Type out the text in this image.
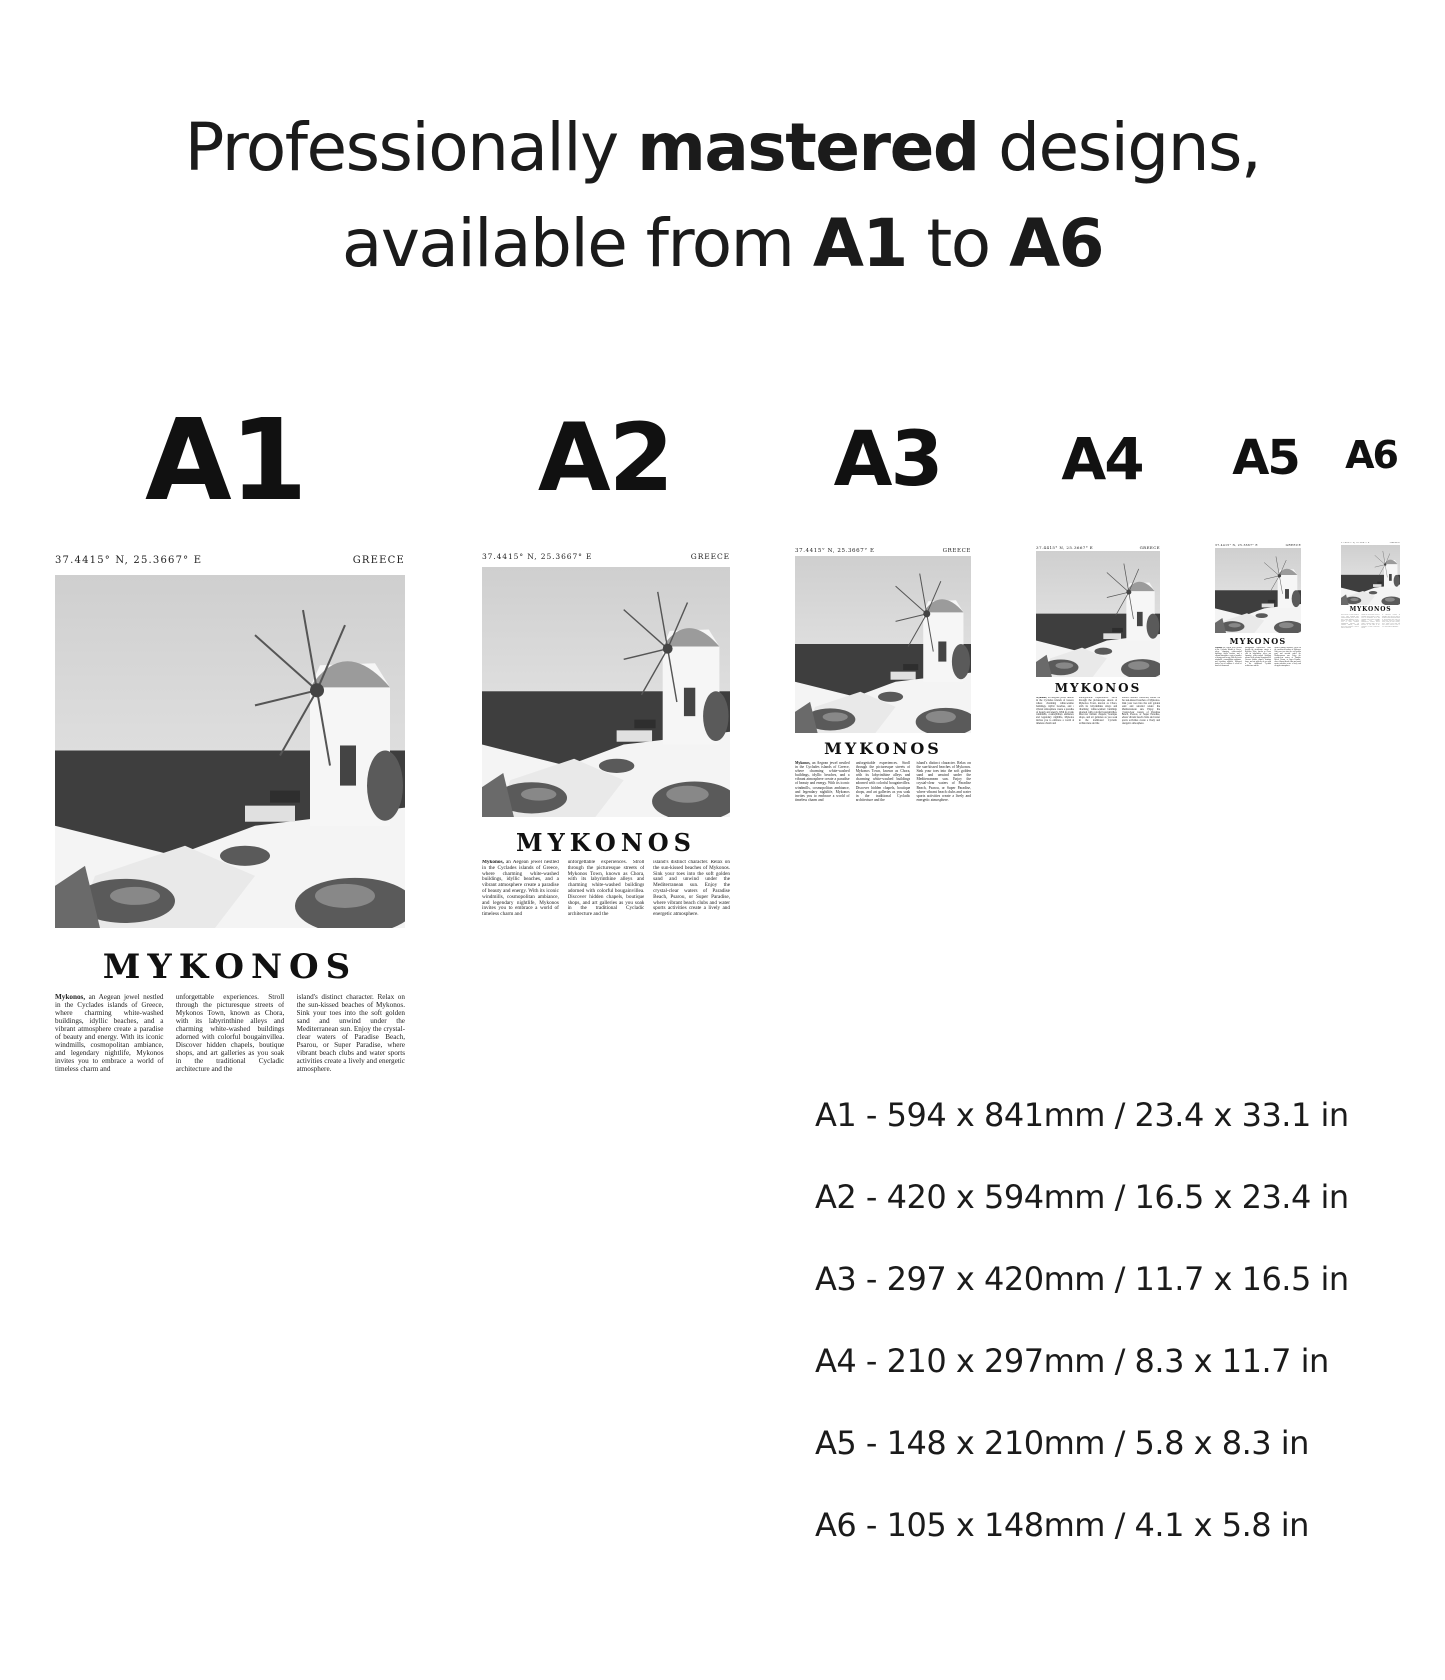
Professionally mastered designs,
available from A1 to A6
A1 A2 A3 A4 A5 A6
37.4415° N, 25.3667° E	GREECE
MYKONOS

Mykonos, an Aegean jewel nestled in the Cyclades islands of Greece, where charming white-washed buildings, idyllic beaches, and a vibrant atmosphere create a paradise of beauty and energy. With its iconic windmills, cosmopolitan ambiance, and legendary nightlife, Mykonos invites you to embrace a world of timeless charm and

unforgettable experiences. Stroll through the picturesque streets of Mykonos Town, known as Chora, with its labyrinthine alleys and charming white-washed buildings adorned with colorful bougainvillea. Discover hidden chapels, boutique shops, and art galleries as you soak in the traditional Cycladic architecture and the

island's distinct character. Relax on the sun-kissed beaches of Mykonos. Sink your toes into the soft golden sand and unwind under the Mediterranean sun. Enjoy the crystal-clear waters of Paradise Beach, Psarou, or Super Paradise, where vibrant beach clubs and water sports activities create a lively and energetic atmosphere.

37.4415° N, 25.3667° E	GREECE
MYKONOS

Mykonos, an Aegean jewel nestled in the Cyclades islands of Greece, where charming white-washed buildings, idyllic beaches, and a vibrant atmosphere create a paradise of beauty and energy. With its iconic windmills, cosmopolitan ambiance, and legendary nightlife, Mykonos invites you to embrace a world of timeless charm and

unforgettable experiences. Stroll through the picturesque streets of Mykonos Town, known as Chora, with its labyrinthine alleys and charming white-washed buildings adorned with colorful bougainvillea. Discover hidden chapels, boutique shops, and art galleries as you soak in the traditional Cycladic architecture and the

island's distinct character. Relax on the sun-kissed beaches of Mykonos. Sink your toes into the soft golden sand and unwind under the Mediterranean sun. Enjoy the crystal-clear waters of Paradise Beach, Psarou, or Super Paradise, where vibrant beach clubs and water sports activities create a lively and energetic atmosphere.

37.4415° N, 25.3667° E	GREECE
MYKONOS

Mykonos, an Aegean jewel nestled in the Cyclades islands of Greece, where charming white-washed buildings, idyllic beaches, and a vibrant atmosphere create a paradise of beauty and energy. With its iconic windmills, cosmopolitan ambiance, and legendary nightlife, Mykonos invites you to embrace a world of timeless charm and

unforgettable experiences. Stroll through the picturesque streets of Mykonos Town, known as Chora, with its labyrinthine alleys and charming white-washed buildings adorned with colorful bougainvillea. Discover hidden chapels, boutique shops, and art galleries as you soak in the traditional Cycladic architecture and the

island's distinct character. Relax on the sun-kissed beaches of Mykonos. Sink your toes into the soft golden sand and unwind under the Mediterranean sun. Enjoy the crystal-clear waters of Paradise Beach, Psarou, or Super Paradise, where vibrant beach clubs and water sports activities create a lively and energetic atmosphere.

37.4415° N, 25.3667° E	GREECE
MYKONOS

Mykonos, an Aegean jewel nestled in the Cyclades islands of Greece, where charming white-washed buildings, idyllic beaches, and a vibrant atmosphere create a paradise of beauty and energy. With its iconic windmills, cosmopolitan ambiance, and legendary nightlife, Mykonos invites you to embrace a world of timeless charm and

unforgettable experiences. Stroll through the picturesque streets of Mykonos Town, known as Chora, with its labyrinthine alleys and charming white-washed buildings adorned with colorful bougainvillea. Discover hidden chapels, boutique shops, and art galleries as you soak in the traditional Cycladic architecture and the

island's distinct character. Relax on the sun-kissed beaches of Mykonos. Sink your toes into the soft golden sand and unwind under the Mediterranean sun. Enjoy the crystal-clear waters of Paradise Beach, Psarou, or Super Paradise, where vibrant beach clubs and water sports activities create a lively and energetic atmosphere.

37.4415° N, 25.3667° E	GREECE
MYKONOS

Mykonos, an Aegean jewel nestled in the Cyclades islands of Greece, where charming white-washed buildings, idyllic beaches, and a vibrant atmosphere create a paradise of beauty and energy. With its iconic windmills, cosmopolitan ambiance, and legendary nightlife, Mykonos invites you to embrace a world of timeless charm and

unforgettable experiences. Stroll through the picturesque streets of Mykonos Town, known as Chora, with its labyrinthine alleys and charming white-washed buildings adorned with colorful bougainvillea. Discover hidden chapels, boutique shops, and art galleries as you soak in the traditional Cycladic architecture and the

island's distinct character. Relax on the sun-kissed beaches of Mykonos. Sink your toes into the soft golden sand and unwind under the Mediterranean sun. Enjoy the crystal-clear waters of Paradise Beach, Psarou, or Super Paradise, where vibrant beach clubs and water sports activities create a lively and energetic atmosphere.

37.4415° N, 25.3667° E	GREECE
MYKONOS

Mykonos, an Aegean jewel nestled in the Cyclades islands of Greece, where charming white-washed buildings, idyllic beaches, and a vibrant atmosphere create a paradise of beauty and energy. With its iconic windmills, cosmopolitan ambiance, and legendary nightlife, Mykonos invites you to embrace a world of timeless charm and

unforgettable experiences. Stroll through the picturesque streets of Mykonos Town, known as Chora, with its labyrinthine alleys and charming white-washed buildings adorned with colorful bougainvillea. Discover hidden chapels, boutique shops, and art galleries as you soak in the traditional Cycladic architecture and the

island's distinct character. Relax on the sun-kissed beaches of Mykonos. Sink your toes into the soft golden sand and unwind under the Mediterranean sun. Enjoy the crystal-clear waters of Paradise Beach, Psarou, or Super Paradise, where vibrant beach clubs and water sports activities create a lively and energetic atmosphere.

A1 - 594 x 841mm / 23.4 x 33.1 in
A2 - 420 x 594mm / 16.5 x 23.4 in
A3 - 297 x 420mm / 11.7 x 16.5 in
A4 - 210 x 297mm / 8.3 x 11.7 in
A5 - 148 x 210mm / 5.8 x 8.3 in
A6 - 105 x 148mm / 4.1 x 5.8 in
